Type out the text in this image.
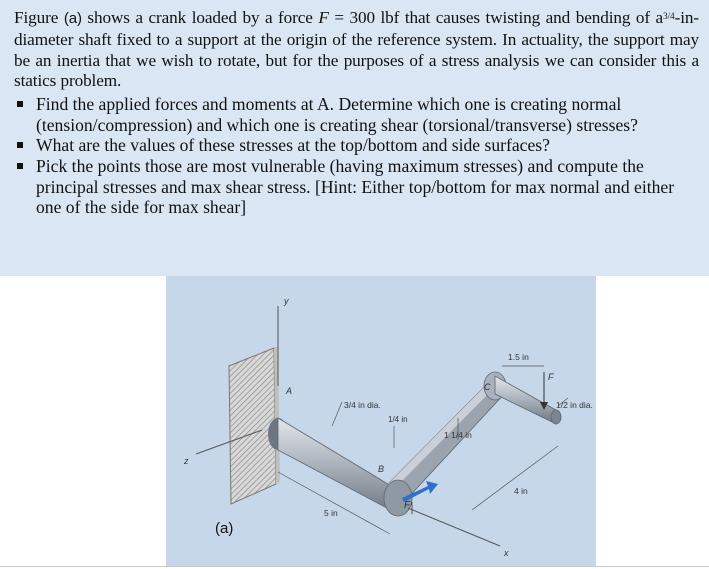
Figure (a) shows a crank loaded by a force F = 300 lbf that causes twisting and bending of $a^{3/4}-in$-diameter shaft fixed to a support at the origin of the reference system. In actuality, the support may be an inertia that we wish to rotate, but for the purposes of a stress analysis we can consider this a statics problem.

Find the applied forces and moments at A. Determine which one is creating normal (tension/compression) and which one is creating shear (torsional/transverse) stresses?
What are the values of these stresses at the top/bottom and side surfaces?
Pick the points those are most vulnerable (having maximum stresses) and compute the principal stresses and max shear stress. [Hint: Either top/bottom for max normal and either one of the side for max shear]
y
z
x
F
F
A
B
C
1.5 in
3/4 in dia.
1/4 in
1 1/4 in
1/2 in dia.
4 in
5 in
(a)
